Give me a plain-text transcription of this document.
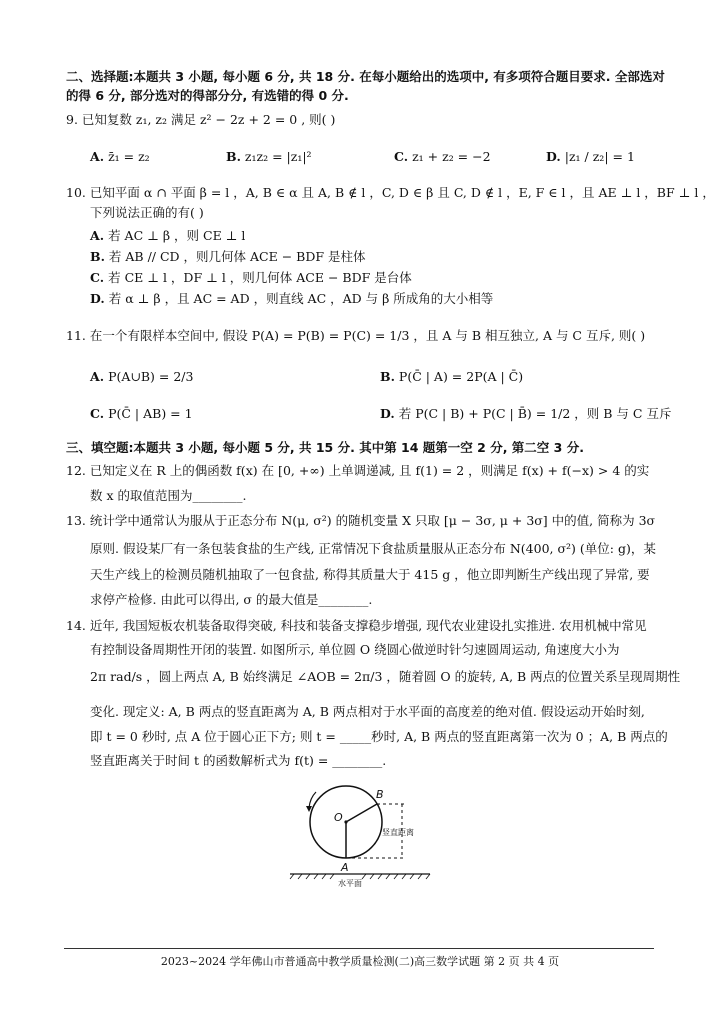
二、选择题:本题共 3 小题, 每小题 6 分, 共 18 分. 在每小题给出的选项中, 有多项符合题目要求. 全部选对
的得 6 分, 部分选对的得部分分, 有选错的得 0 分.
9. 已知复数 z₁, z₂ 满足 z² − 2z + 2 = 0 , 则( )
A. z̄₁ = z₂	B. z₁z₂ = |z₁|²	C. z₁ + z₂ = −2	D. |z₁ / z₂| = 1
10. 已知平面 α ∩ 平面 β = l ，A, B ∈ α 且 A, B ∉ l ，C, D ∈ β 且 C, D ∉ l ，E, F ∈ l ，且 AE ⊥ l ，BF ⊥ l ，
下列说法正确的有( )
A. 若 AC ⊥ β ，则 CE ⊥ l
B. 若 AB // CD ，则几何体 ACE − BDF 是柱体
C. 若 CE ⊥ l ，DF ⊥ l ，则几何体 ACE − BDF 是台体
D. 若 α ⊥ β ，且 AC = AD ，则直线 AC ，AD 与 β 所成角的大小相等
11. 在一个有限样本空间中, 假设 P(A) = P(B) = P(C) = 1/3 ，且 A 与 B 相互独立, A 与 C 互斥, 则( )
A. P(A∪B) = 2/3	B. P(C̄ | A) = 2P(A | C̄)
C. P(C̄ | AB) = 1	D. 若 P(C | B) + P(C | B̄) = 1/2 ，则 B 与 C 互斥
三、填空题:本题共 3 小题, 每小题 5 分, 共 15 分. 其中第 14 题第一空 2 分, 第二空 3 分.
12. 已知定义在 R 上的偶函数 f(x) 在 [0, +∞) 上单调递减, 且 f(1) = 2 ，则满足 f(x) + f(−x) > 4 的实
数 x 的取值范围为________.
13. 统计学中通常认为服从于正态分布 N(μ, σ²) 的随机变量 X 只取 [μ − 3σ, μ + 3σ] 中的值, 简称为 3σ
原则. 假设某厂有一条包装食盐的生产线, 正常情况下食盐质量服从正态分布 N(400, σ²) (单位: g)，某
天生产线上的检测员随机抽取了一包食盐, 称得其质量大于 415 g ，他立即判断生产线出现了异常, 要
求停产检修. 由此可以得出, σ 的最大值是________.
14. 近年, 我国短板农机装备取得突破, 科技和装备支撑稳步增强, 现代农业建设扎实推进. 农用机械中常见
有控制设备周期性开闭的装置. 如图所示, 单位圆 O 绕圆心做逆时针匀速圆周运动, 角速度大小为
2π rad/s ，圆上两点 A, B 始终满足 ∠AOB = 2π/3 ，随着圆 O 的旋转, A, B 两点的位置关系呈现周期性
变化. 现定义: A, B 两点的竖直距离为 A, B 两点相对于水平面的高度差的绝对值. 假设运动开始时刻,
即 t = 0 秒时, 点 A 位于圆心正下方; 则 t = _____秒时, A, B 两点的竖直距离第一次为 0 ；A, B 两点的
竖直距离关于时间 t 的函数解析式为 f(t) = ________.
竖直距离
O
A
B
水平面
2023~2024 学年佛山市普通高中教学质量检测(二)高三数学试题 第 2 页 共 4 页
